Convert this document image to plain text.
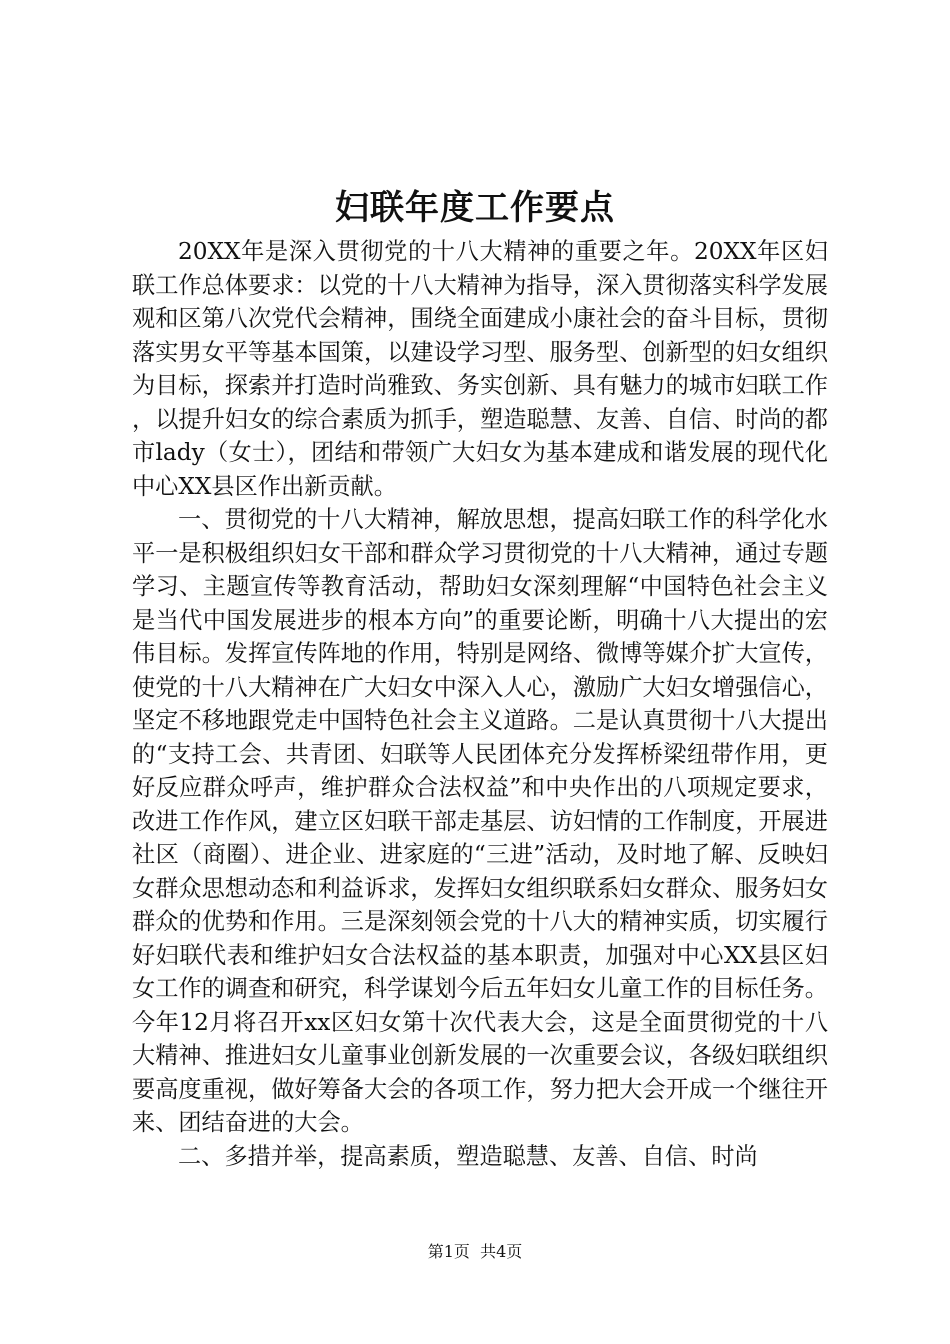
妇联年度工作要点

20XX年是深入贯彻党的十八大精神的重要之年。20XX年区妇联工作总体要求：以党的十八大精神为指导，深入贯彻落实科学发展观和区第八次党代会精神，围绕全面建成小康社会的奋斗目标，贯彻落实男女平等基本国策，以建设学习型、服务型、创新型的妇女组织为目标，探索并打造时尚雅致、务实创新、具有魅力的城市妇联工作，以提升妇女的综合素质为抓手，塑造聪慧、友善、自信、时尚的都市lady（女士），团结和带领广大妇女为基本建成和谐发展的现代化中心XX县区作出新贡献。

一、贯彻党的十八大精神，解放思想，提高妇联工作的科学化水平一是积极组织妇女干部和群众学习贯彻党的十八大精神，通过专题学习、主题宣传等教育活动，帮助妇女深刻理解“中国特色社会主义是当代中国发展进步的根本方向”的重要论断，明确十八大提出的宏伟目标。发挥宣传阵地的作用，特别是网络、微博等媒介扩大宣传，使党的十八大精神在广大妇女中深入人心，激励广大妇女增强信心，坚定不移地跟党走中国特色社会主义道路。二是认真贯彻十八大提出的“支持工会、共青团、妇联等人民团体充分发挥桥梁纽带作用，更好反应群众呼声，维护群众合法权益”和中央作出的八项规定要求，改进工作作风，建立区妇联干部走基层、访妇情的工作制度，开展进社区（商圈）、进企业、进家庭的“三进”活动，及时地了解、反映妇女群众思想动态和利益诉求，发挥妇女组织联系妇女群众、服务妇女群众的优势和作用。三是深刻领会党的十八大的精神实质，切实履行好妇联代表和维护妇女合法权益的基本职责，加强对中心XX县区妇女工作的调查和研究，科学谋划今后五年妇女儿童工作的目标任务。今年12月将召开xx区妇女第十次代表大会，这是全面贯彻党的十八大精神、推进妇女儿童事业创新发展的一次重要会议，各级妇联组织要高度重视，做好筹备大会的各项工作，努力把大会开成一个继往开来、团结奋进的大会。

二、多措并举，提高素质，塑造聪慧、友善、自信、时尚

第1页  共4页
